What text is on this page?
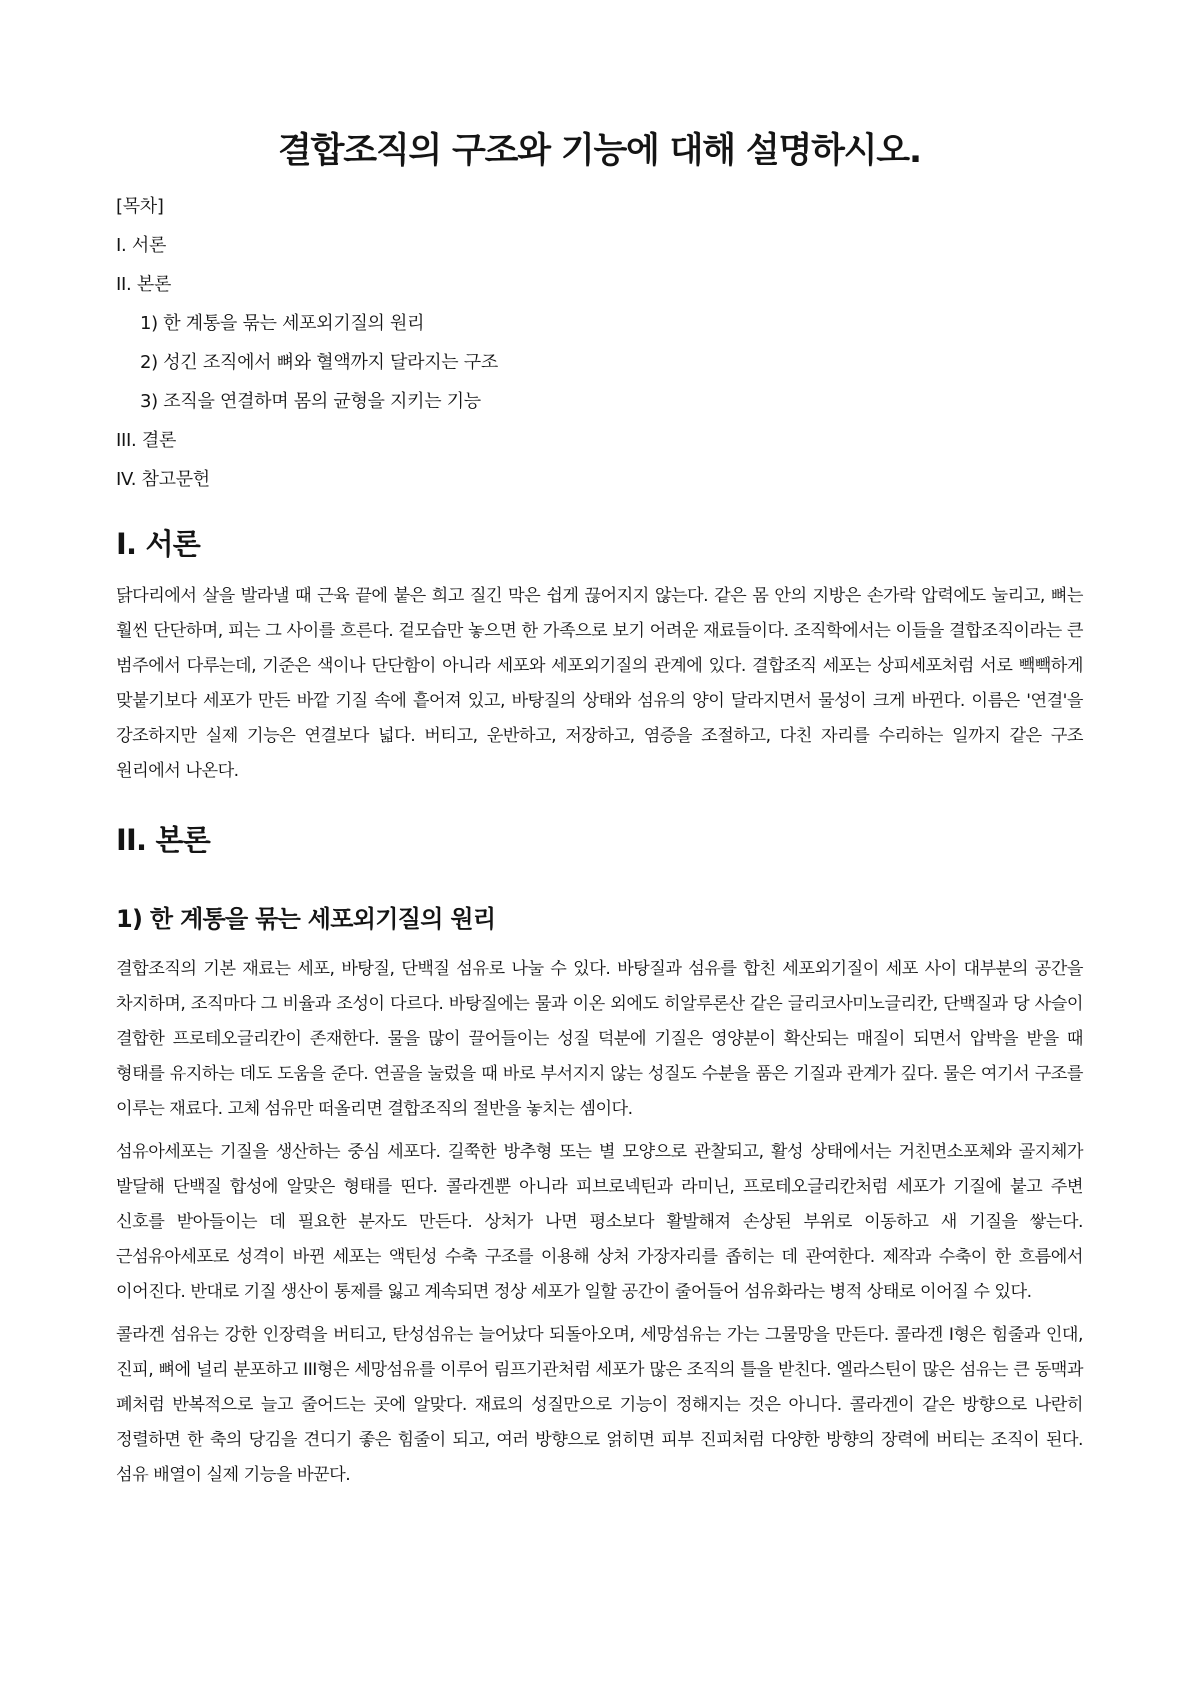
결합조직의 구조와 기능에 대해 설명하시오.
[목차]
I. 서론
II. 본론
1) 한 계통을 묶는 세포외기질의 원리
2) 성긴 조직에서 뼈와 혈액까지 달라지는 구조
3) 조직을 연결하며 몸의 균형을 지키는 기능
III. 결론
IV. 참고문헌
I. 서론

닭다리에서 살을 발라낼 때 근육 끝에 붙은 희고 질긴 막은 쉽게 끊어지지 않는다. 같은 몸 안의 지방은 손가락 압력에도 눌리고, 뼈는 훨씬 단단하며, 피는 그 사이를 흐른다. 겉모습만 놓으면 한 가족으로 보기 어려운 재료들이다. 조직학에서는 이들을 결합조직이라는 큰 범주에서 다루는데, 기준은 색이나 단단함이 아니라 세포와 세포외기질의 관계에 있다. 결합조직 세포는 상피세포처럼 서로 빽빽하게 맞붙기보다 세포가 만든 바깥 기질 속에 흩어져 있고, 바탕질의 상태와 섬유의 양이 달라지면서 물성이 크게 바뀐다. 이름은 '연결'을 강조하지만 실제 기능은 연결보다 넓다. 버티고, 운반하고, 저장하고, 염증을 조절하고, 다친 자리를 수리하는 일까지 같은 구조 원리에서 나온다.

II. 본론
1) 한 계통을 묶는 세포외기질의 원리

결합조직의 기본 재료는 세포, 바탕질, 단백질 섬유로 나눌 수 있다. 바탕질과 섬유를 합친 세포외기질이 세포 사이 대부분의 공간을 차지하며, 조직마다 그 비율과 조성이 다르다. 바탕질에는 물과 이온 외에도 히알루론산 같은 글리코사미노글리칸, 단백질과 당 사슬이 결합한 프로테오글리칸이 존재한다. 물을 많이 끌어들이는 성질 덕분에 기질은 영양분이 확산되는 매질이 되면서 압박을 받을 때 형태를 유지하는 데도 도움을 준다. 연골을 눌렀을 때 바로 부서지지 않는 성질도 수분을 품은 기질과 관계가 깊다. 물은 여기서 구조를 이루는 재료다. 고체 섬유만 떠올리면 결합조직의 절반을 놓치는 셈이다.

섬유아세포는 기질을 생산하는 중심 세포다. 길쭉한 방추형 또는 별 모양으로 관찰되고, 활성 상태에서는 거친면소포체와 골지체가 발달해 단백질 합성에 알맞은 형태를 띤다. 콜라겐뿐 아니라 피브로넥틴과 라미닌, 프로테오글리칸처럼 세포가 기질에 붙고 주변 신호를 받아들이는 데 필요한 분자도 만든다. 상처가 나면 평소보다 활발해져 손상된 부위로 이동하고 새 기질을 쌓는다. 근섬유아세포로 성격이 바뀐 세포는 액틴성 수축 구조를 이용해 상처 가장자리를 좁히는 데 관여한다. 제작과 수축이 한 흐름에서 이어진다. 반대로 기질 생산이 통제를 잃고 계속되면 정상 세포가 일할 공간이 줄어들어 섬유화라는 병적 상태로 이어질 수 있다.

콜라겐 섬유는 강한 인장력을 버티고, 탄성섬유는 늘어났다 되돌아오며, 세망섬유는 가는 그물망을 만든다. 콜라겐 I형은 힘줄과 인대, 진피, 뼈에 널리 분포하고 III형은 세망섬유를 이루어 림프기관처럼 세포가 많은 조직의 틀을 받친다. 엘라스틴이 많은 섬유는 큰 동맥과 폐처럼 반복적으로 늘고 줄어드는 곳에 알맞다. 재료의 성질만으로 기능이 정해지는 것은 아니다. 콜라겐이 같은 방향으로 나란히 정렬하면 한 축의 당김을 견디기 좋은 힘줄이 되고, 여러 방향으로 얽히면 피부 진피처럼 다양한 방향의 장력에 버티는 조직이 된다. 섬유 배열이 실제 기능을 바꾼다.
